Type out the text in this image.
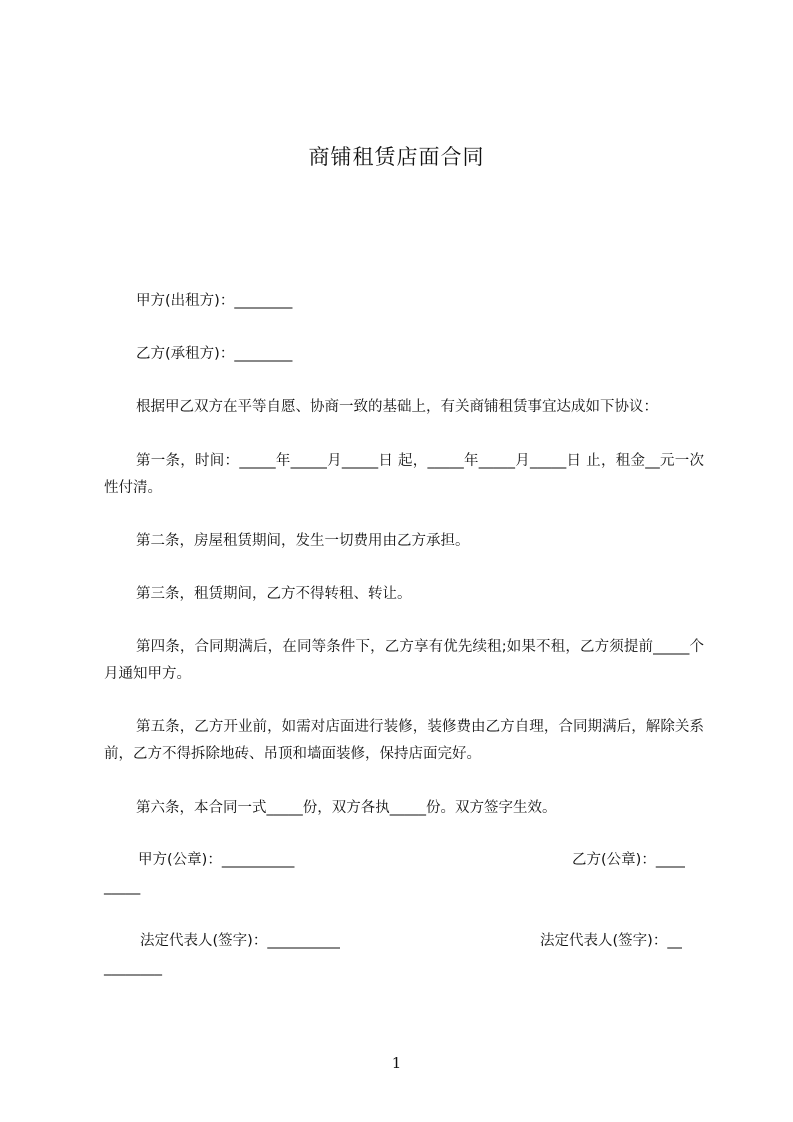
商铺租赁店面合同
甲方(出租方)：________
乙方(承租方)：________
根据甲乙双方在平等自愿、协商一致的基础上，有关商铺租赁事宜达成如下协议：
第一条，时间：_____年_____月_____日 起，_____年_____月_____日 止，租金__元一次性付清。
第二条，房屋租赁期间，发生一切费用由乙方承担。
第三条，租赁期间，乙方不得转租、转让。
第四条，合同期满后，在同等条件下，乙方享有优先续租;如果不租，乙方须提前_____个月通知甲方。
第五条，乙方开业前，如需对店面进行装修，装修费由乙方自理，合同期满后，解除关系前，乙方不得拆除地砖、吊顶和墙面装修，保持店面完好。
第六条，本合同一式_____份，双方各执_____份。双方签字生效。
甲方(公章)：__________	乙方(公章)：____
_____
法定代表人(签字)：__________	法定代表人(签字)：__
________
1
